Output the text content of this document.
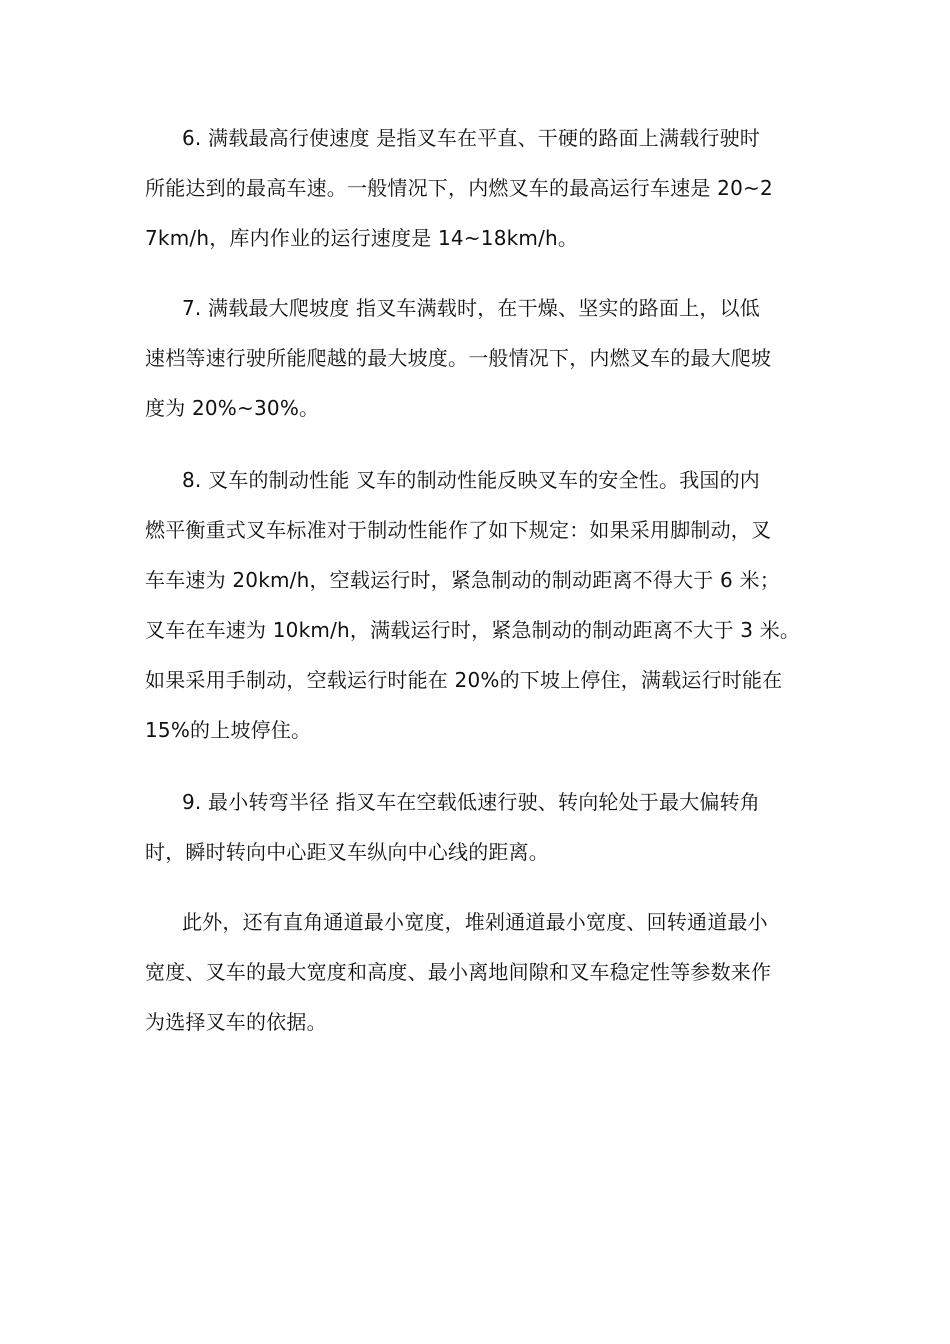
6. 满载最高行使速度 是指叉车在平直、干硬的路面上满载行驶时
所能达到的最高车速。一般情况下，内燃叉车的最高运行车速是 20~2
7km/h，库内作业的运行速度是 14~18km/h。
7. 满载最大爬坡度 指叉车满载时，在干燥、坚实的路面上，以低
速档等速行驶所能爬越的最大坡度。一般情况下，内燃叉车的最大爬坡
度为 20%~30%。
8. 叉车的制动性能 叉车的制动性能反映叉车的安全性。我国的内
燃平衡重式叉车标准对于制动性能作了如下规定：如果采用脚制动，叉
车车速为 20km/h，空载运行时，紧急制动的制动距离不得大于 6 米；
叉车在车速为 10km/h，满载运行时，紧急制动的制动距离不大于 3 米。
如果采用手制动，空载运行时能在 20%的下坡上停住，满载运行时能在
15%的上坡停住。
9. 最小转弯半径 指叉车在空载低速行驶、转向轮处于最大偏转角
时，瞬时转向中心距叉车纵向中心线的距离。
此外，还有直角通道最小宽度，堆剁通道最小宽度、回转通道最小
宽度、叉车的最大宽度和高度、最小离地间隙和叉车稳定性等参数来作
为选择叉车的依据。
